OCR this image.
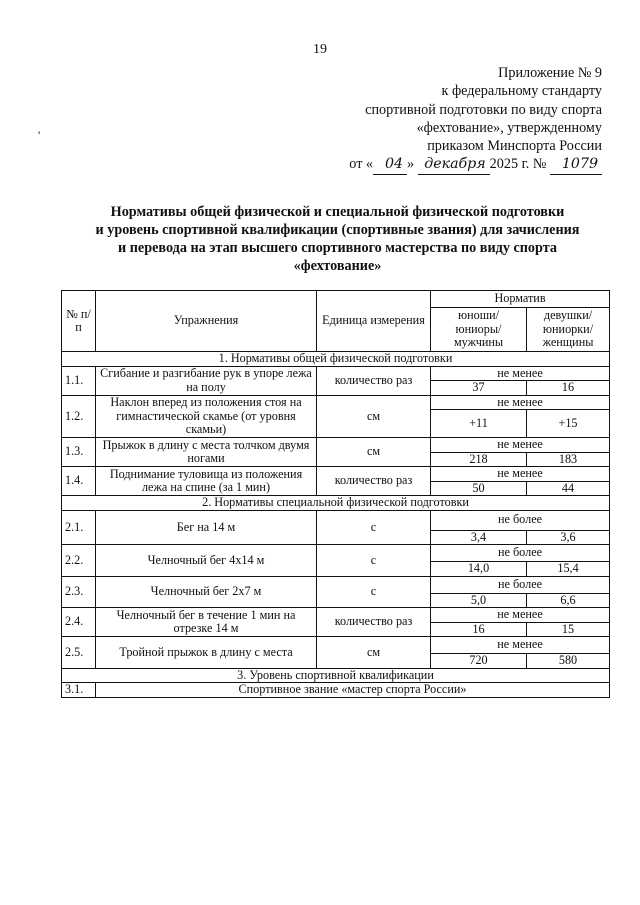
19
Приложение № 9
к федеральному стандарту
спортивной подготовки по виду спорта
«фехтование», утвержденному
приказом Минспорта России
от « 04 » декабря 2025 г. № 1079
'
Нормативы общей физической и специальной физической подготовки
и уровень спортивной квалификации (спортивные звания) для зачисления
и перевода на этап высшего спортивного мастерства по виду спорта
«фехтование»
№ п/п	Упражнения	Единица измерения	Норматив	
			юноши/ юниоры/ мужчины	девушки/ юниорки/ женщины
1. Нормативы общей физической подготовки				
1.1.	Сгибание и разгибание рук в упоре лежа на полу	количество раз	не менее	
			37	16
1.2.	Наклон вперед из положения стоя на гимнастической скамье (от уровня скамьи)	см	не менее	
			+11	+15
1.3.	Прыжок в длину с места толчком двумя ногами	см	не менее	
			218	183
1.4.	Поднимание туловища из положения лежа на спине (за 1 мин)	количество раз	не менее	
			50	44
2. Нормативы специальной физической подготовки				
2.1.	Бег на 14 м	с	не более	
			3,4	3,6
2.2.	Челночный бег 4х14 м	с	не более	
			14,0	15,4
2.3.	Челночный бег 2х7 м	с	не более	
			5,0	6,6
2.4.	Челночный бег в течение 1 мин на отрезке 14 м	количество раз	не менее	
			16	15
2.5.	Тройной прыжок в длину с места	см	не менее	
			720	580
3. Уровень спортивной квалификации				
3.1.	Спортивное звание «мастер спорта России»			
